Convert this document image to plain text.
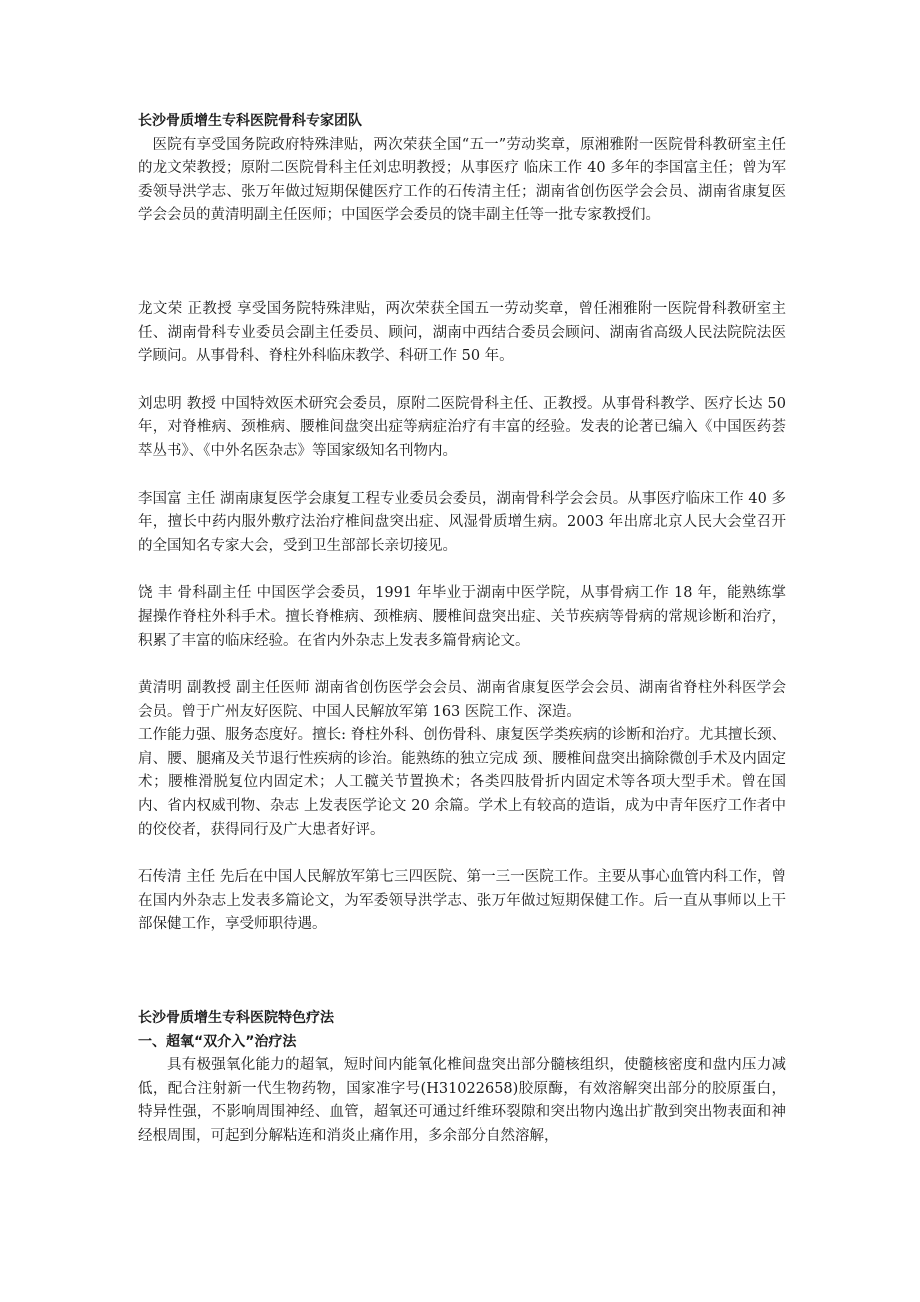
长沙骨质增生专科医院骨科专家团队

医院有享受国务院政府特殊津贴，两次荣获全国“五一”劳动奖章，原湘雅附一医院骨科教研室主任的龙文荣教授；原附二医院骨科主任刘忠明教授；从事医疗 临床工作 40 多年的李国富主任；曾为军委领导洪学志、张万年做过短期保健医疗工作的石传清主任；湖南省创伤医学会会员、湖南省康复医学会会员的黄清明副主任医师；中国医学会委员的饶丰副主任等一批专家教授们。

龙文荣 正教授 享受国务院特殊津贴，两次荣获全国五一劳动奖章，曾任湘雅附一医院骨科教研室主任、湖南骨科专业委员会副主任委员、顾问，湖南中西结合委员会顾问、湖南省高级人民法院院法医学顾问。从事骨科、脊柱外科临床教学、科研工作 50 年。

刘忠明 教授 中国特效医术研究会委员，原附二医院骨科主任、正教授。从事骨科教学、医疗长达 50 年，对脊椎病、颈椎病、腰椎间盘突出症等病症治疗有丰富的经验。发表的论著已编入《中国医药荟萃丛书》、《中外名医杂志》等国家级知名刊物内。

李国富 主任 湖南康复医学会康复工程专业委员会委员，湖南骨科学会会员。从事医疗临床工作 40 多年，擅长中药内服外敷疗法治疗椎间盘突出症、风湿骨质增生病。2003 年出席北京人民大会堂召开的全国知名专家大会，受到卫生部部长亲切接见。

饶 丰 骨科副主任 中国医学会委员，1991 年毕业于湖南中医学院，从事骨病工作 18 年，能熟练掌握操作脊柱外科手术。擅长脊椎病、颈椎病、腰椎间盘突出症、关节疾病等骨病的常规诊断和治疗，积累了丰富的临床经验。在省内外杂志上发表多篇骨病论文。

黄清明 副教授 副主任医师 湖南省创伤医学会会员、湖南省康复医学会会员、湖南省脊柱外科医学会会员。曾于广州友好医院、中国人民解放军第 163 医院工作、深造。

工作能力强、服务态度好。擅长: 脊柱外科、创伤骨科、康复医学类疾病的诊断和治疗。尤其擅长颈、肩、腰、腿痛及关节退行性疾病的诊治。能熟练的独立完成 颈、腰椎间盘突出摘除微创手术及内固定术；腰椎滑脱复位内固定术；人工髋关节置换术；各类四肢骨折内固定术等各项大型手术。曾在国内、省内权威刊物、杂志 上发表医学论文 20 余篇。学术上有较高的造诣，成为中青年医疗工作者中的佼佼者，获得同行及广大患者好评。

石传清 主任 先后在中国人民解放军第七三四医院、第一三一医院工作。主要从事心血管内科工作，曾在国内外杂志上发表多篇论文，为军委领导洪学志、张万年做过短期保健工作。后一直从事师以上干部保健工作，享受师职待遇。

长沙骨质增生专科医院特色疗法

一、超氧“双介入”治疗法

具有极强氧化能力的超氧，短时间内能氧化椎间盘突出部分髓核组织，使髓核密度和盘内压力减低，配合注射新一代生物药物，国家准字号(H31022658)胶原酶，有效溶解突出部分的胶原蛋白，特异性强，不影响周围神经、血管，超氧还可通过纤维环裂隙和突出物内逸出扩散到突出物表面和神经根周围，可起到分解粘连和消炎止痛作用，多余部分自然溶解，
